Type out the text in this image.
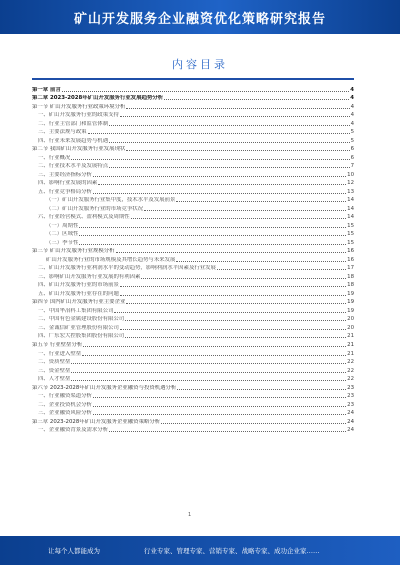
矿山开发服务企业融资优化策略研究报告
内容目录
第一章 前言	4
第二章 2023-2028年矿山开发服务行业发展趋势分析	4
第一节 矿山开发服务行业政策环境分析	4
一、矿山开发服务行业的政策支持	4
二、行业主管部门和监管体制	4
三、主要法规与政策	5
四、行业未来发展趋势与机遇	5
第二节 我国矿山开发服务行业发展现状	6
一、行业概况	6
二、行业技术水平及发展特点	7
三、主要经济指标分析	10
四、影响行业发展的因素	12
五、行业竞争格局分析	13
（一）矿山开发服务行业集中度，技术水平及发展前景	14
（二）矿山开发服务行业的市场竞争状况	14
六、行业经营模式、盈利模式及周期性	14
（一）周期性	15
（二）区域性	15
（三）季节性	15
第三节 矿山开发服务行业规模分析	16
矿山开发服务行业的市场规模及其增长趋势与未来发展	16
二、矿山开发服务行业利润水平的变动趋势，影响利润水平因素及行业发展	17
三、影响矿山开发服务行业发展的有利因素	18
四、矿山开发服务行业的市场前景	18
五、矿山开发服务行业存在的问题	19
第四节 国内矿山开发服务行业主要企业	19
一、中国华冶科工集团有限公司	19
二、中国有色金属建设股份有限公司	20
三、金诚信矿业管理股份有限公司	20
四、广东宏大控股集团股份有限公司	21
第五节 行业壁垒分析	21
一、行业进入壁垒	21
二、资质壁垒	22
三、资金壁垒	22
四、人才壁垒	22
第六节 2023-2028年矿山开发服务企业融资与投资机遇分析	23
一、行业融资渠道分析	23
二、企业投资机会分析	23
三、企业融资风险分析	24
第三章 2023-2028年矿山开发服务企业融资策略分析	24
一、企业融资背景及需求分析	24
1
让每个人都能成为	行业专家、管理专家、营销专家、战略专家、成功企业家……
